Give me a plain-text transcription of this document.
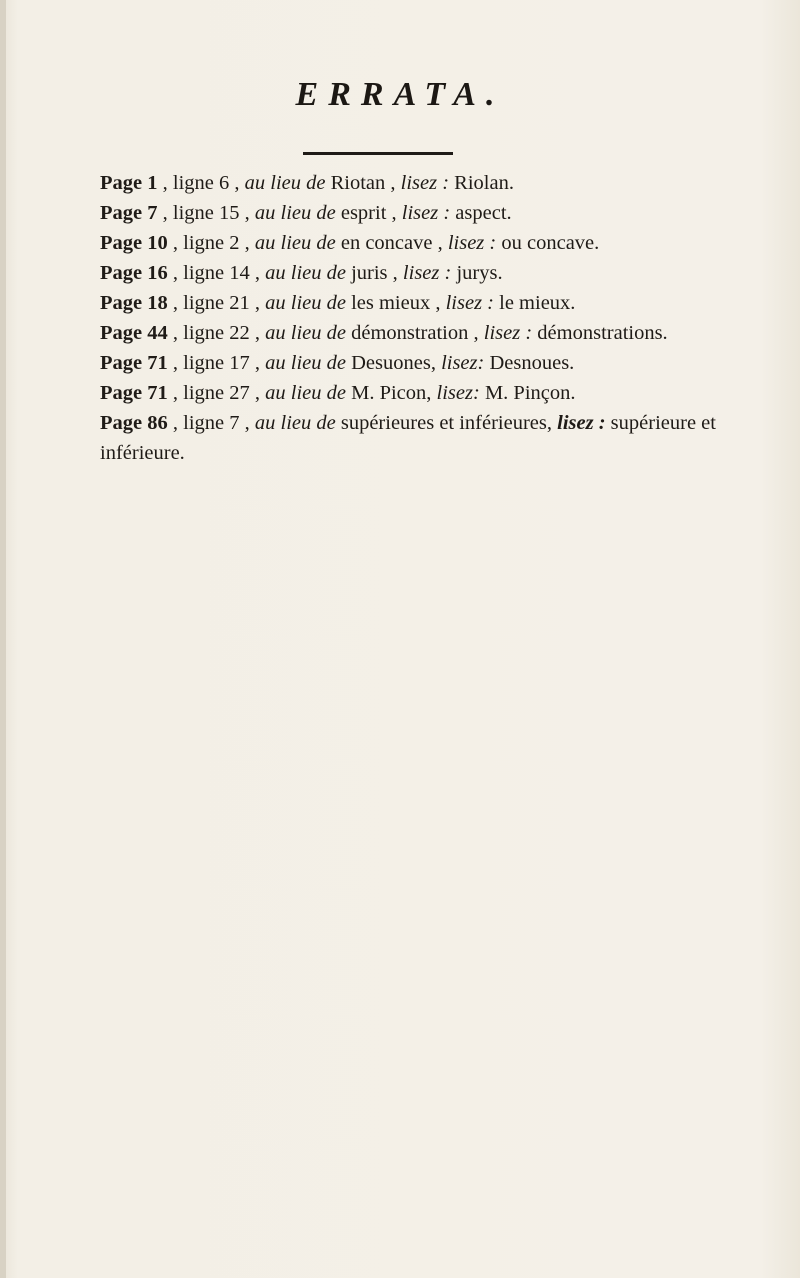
ERRATA.
Page 1 , ligne 6 , au lieu de Riotan , lisez : Riolan.
Page 7 , ligne 15 , au lieu de esprit , lisez : aspect.
Page 10 , ligne 2 , au lieu de en concave , lisez : ou concave.
Page 16 , ligne 14 , au lieu de juris , lisez : jurys.
Page 18 , ligne 21 , au lieu de les mieux , lisez : le mieux.
Page 44 , ligne 22 , au lieu de démonstration , lisez : démonstrations.
Page 71 , ligne 17 , au lieu de Desuones, lisez: Desnoues.
Page 71 , ligne 27 , au lieu de M. Picon, lisez: M. Pinçon.
Page 86 , ligne 7 , au lieu de supérieures et inférieures, lisez : supérieure et inférieure.
